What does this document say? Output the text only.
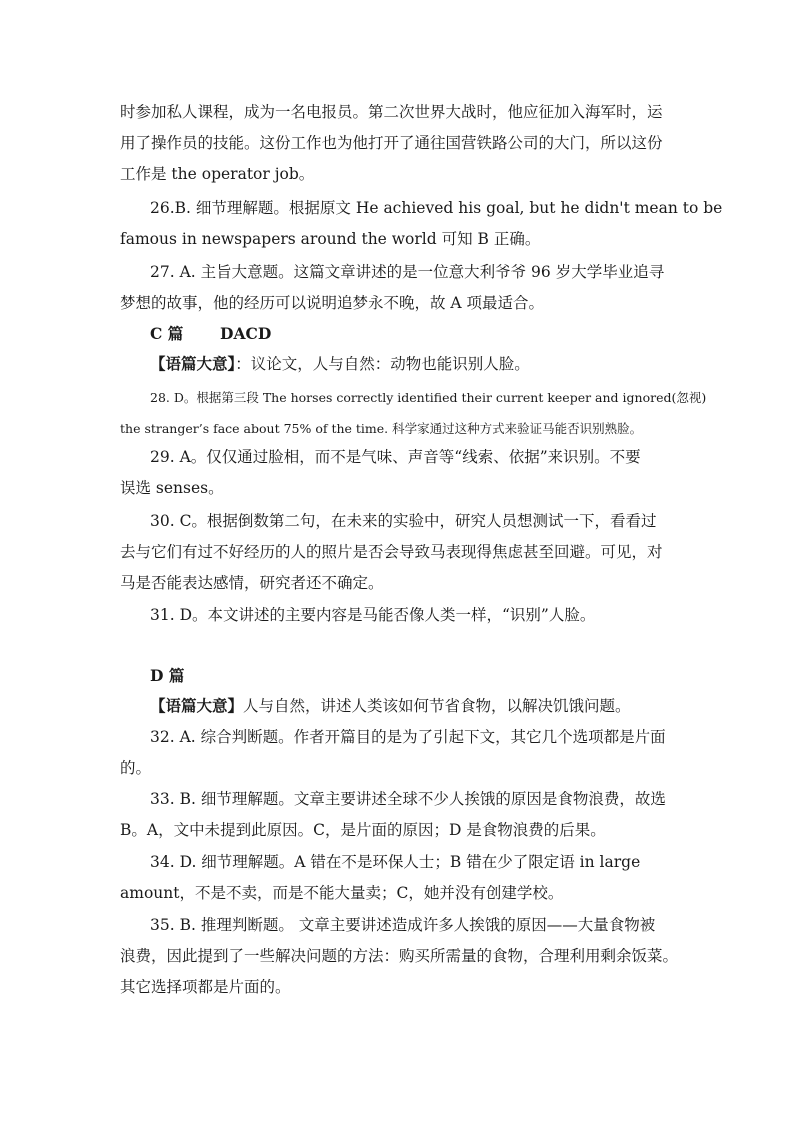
时参加私人课程，成为一名电报员。第二次世界大战时，他应征加入海军时，运
用了操作员的技能。这份工作也为他打开了通往国营铁路公司的大门，所以这份
工作是 the operator job。
26.B. 细节理解题。根据原文 He achieved his goal, but he didn't mean to be
famous in newspapers around the world 可知 B 正确。
27. A. 主旨大意题。这篇文章讲述的是一位意大利爷爷 96 岁大学毕业追寻
梦想的故事，他的经历可以说明追梦永不晚，故 A 项最适合。
C 篇 DACD
【语篇大意】：议论文，人与自然：动物也能识别人脸。
28. D。根据第三段 The horses correctly identified their current keeper and ignored(忽视)
the stranger’s face about 75% of the time. 科学家通过这种方式来验证马能否识别熟脸。
29. A。仅仅通过脸相，而不是气味、声音等“线索、依据”来识别。不要
误选 senses。
30. C。根据倒数第二句，在未来的实验中，研究人员想测试一下，看看过
去与它们有过不好经历的人的照片是否会导致马表现得焦虑甚至回避。可见，对
马是否能表达感情，研究者还不确定。
31. D。本文讲述的主要内容是马能否像人类一样，“识别”人脸。
D 篇
【语篇大意】人与自然，讲述人类该如何节省食物，以解决饥饿问题。
32. A. 综合判断题。作者开篇目的是为了引起下文，其它几个选项都是片面
的。
33. B. 细节理解题。文章主要讲述全球不少人挨饿的原因是食物浪费，故选
B。A，文中未提到此原因。C，是片面的原因；D 是食物浪费的后果。
34. D. 细节理解题。A 错在不是环保人士；B 错在少了限定语 in large
amount，不是不卖，而是不能大量卖；C，她并没有创建学校。
35. B. 推理判断题。 文章主要讲述造成许多人挨饿的原因——大量食物被
浪费，因此提到了一些解决问题的方法：购买所需量的食物，合理利用剩余饭菜。
其它选择项都是片面的。
